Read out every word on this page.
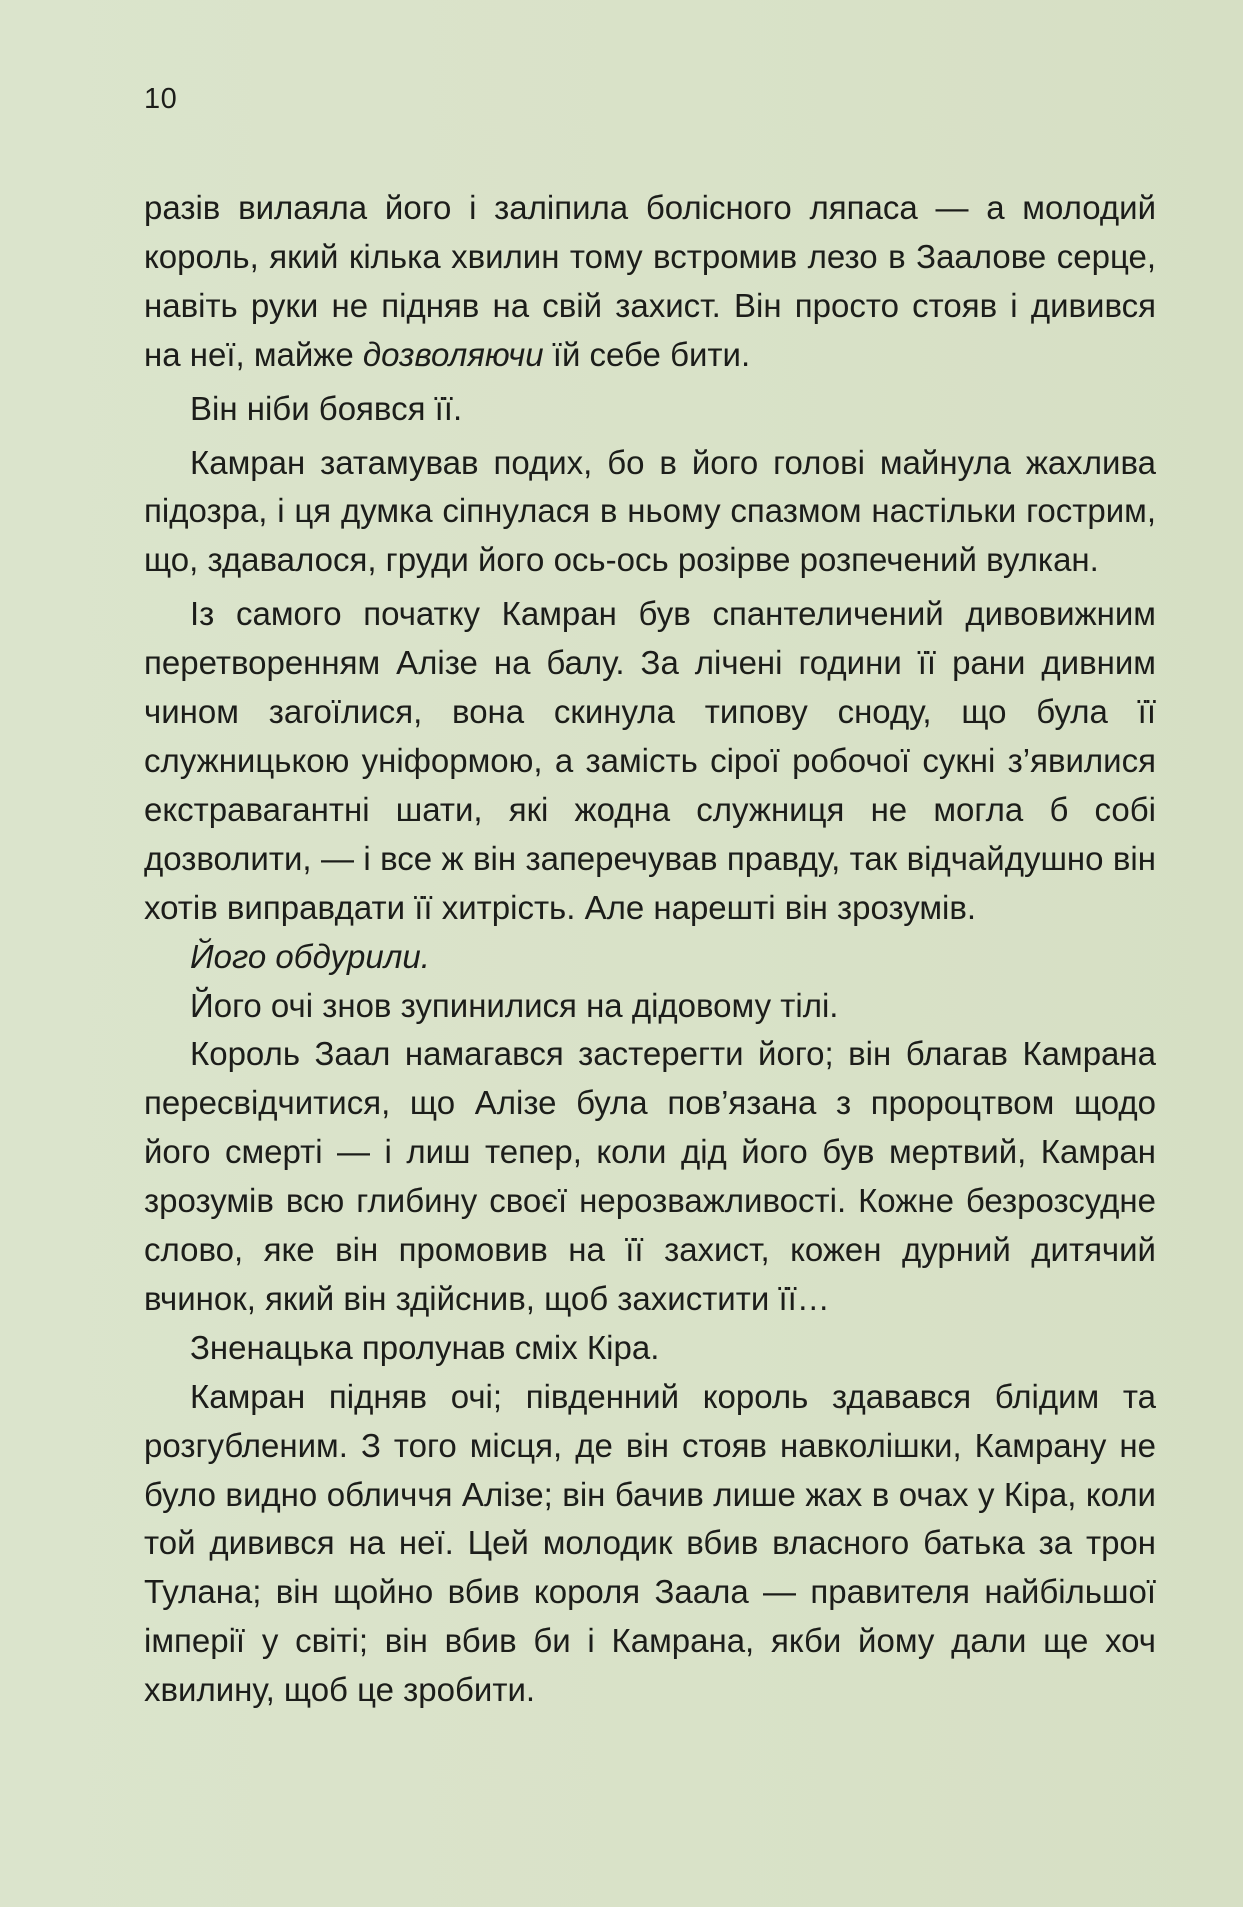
10

разів вилаяла його і заліпила болісного ляпаса — а молодий король, який кілька хвилин тому встромив лезо в Заалове серце, навіть руки не підняв на свій захист. Він просто стояв і дивився на неї, майже дозволяючи їй себе бити.

Він ніби боявся її.

Камран затамував подих, бо в його голові майнула жахлива підозра, і ця думка сіпнулася в ньому спазмом настільки гострим, що, здавалося, груди його ось-ось розірве розпечений вулкан.

Із самого початку Камран був спантеличений дивовижним перетворенням Алізе на балу. За лічені години її рани дивним чином загоїлися, вона скинула типову сноду, що була її служницькою уніформою, а замість сірої робочої сукні з’явилися екстравагантні шати, які жодна служниця не могла б собі дозволити, — і все ж він заперечував правду, так відчайдушно він хотів виправдати її хитрість. Але нарешті він зрозумів.

Його обдурили.

Його очі знов зупинилися на дідовому тілі.

Король Заал намагався застерегти його; він благав Камрана пересвідчитися, що Алізе була пов’язана з пророцтвом щодо його смерті — і лиш тепер, коли дід його був мертвий, Камран зрозумів всю глибину своєї нерозважливості. Кожне безрозсудне слово, яке він промовив на її захист, кожен дурний дитячий вчинок, який він здійснив, щоб захистити її…

Зненацька пролунав сміх Кіра.

Камран підняв очі; південний король здавався блідим та розгубленим. З того місця, де він стояв навколішки, Камрану не було видно обличчя Алізе; він бачив лише жах в очах у Кіра, коли той дивився на неї. Цей молодик вбив власного батька за трон Тулана; він щойно вбив короля Заала — правителя найбільшої імперії у світі; він вбив би і Камрана, якби йому дали ще хоч хвилину, щоб це зробити.
